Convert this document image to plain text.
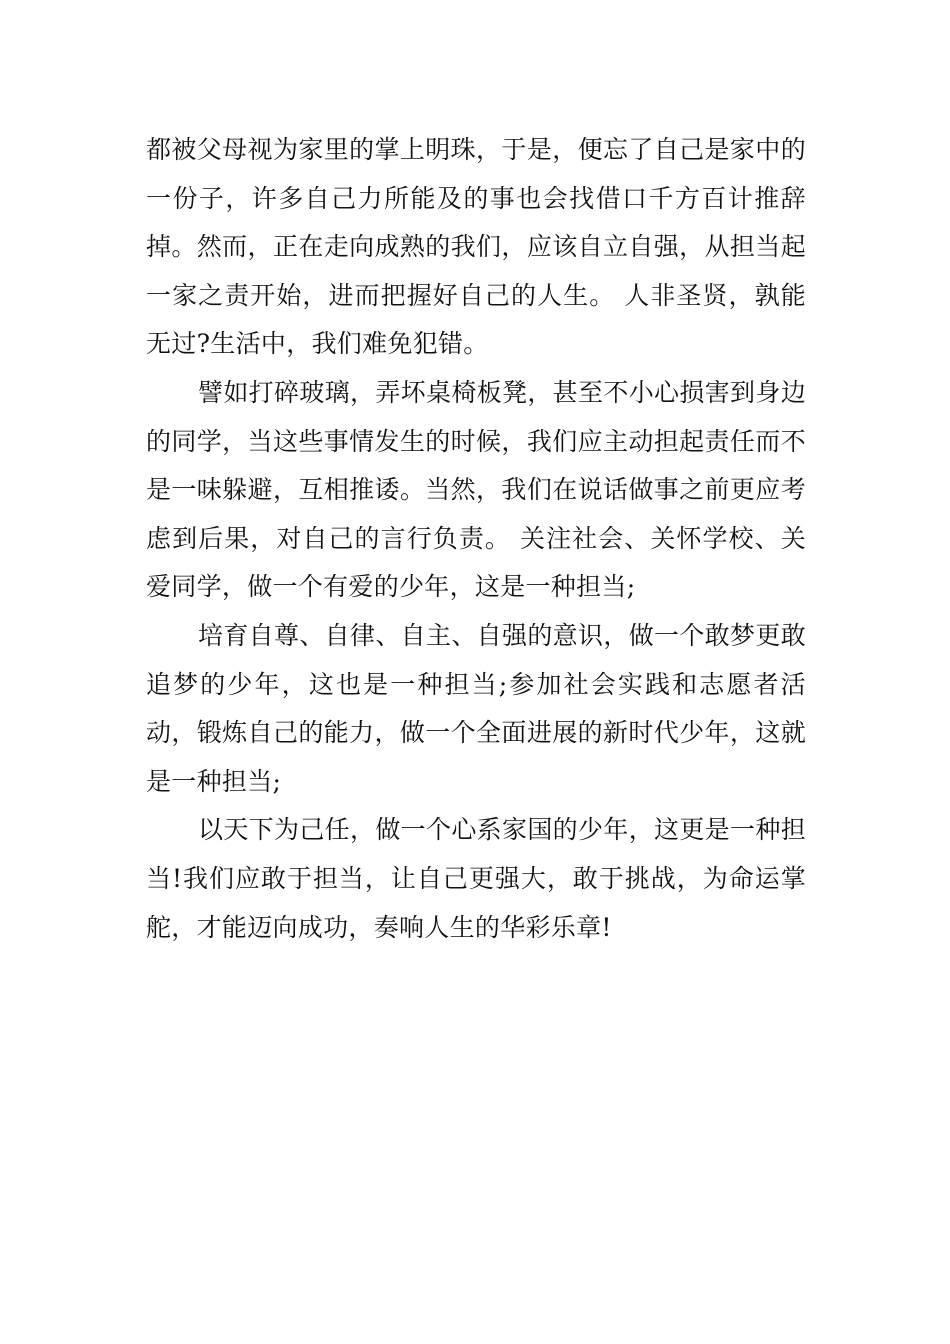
都被父母视为家里的掌上明珠，于是，便忘了自己是家中的一份子，许多自己力所能及的事也会找借口千方百计推辞掉。然而，正在走向成熟的我们，应该自立自强，从担当起一家之责开始，进而把握好自己的人生。 人非圣贤，孰能无过?生活中，我们难免犯错。

譬如打碎玻璃，弄坏桌椅板凳，甚至不小心损害到身边的同学，当这些事情发生的时候，我们应主动担起责任而不是一味躲避，互相推诿。当然，我们在说话做事之前更应考虑到后果，对自己的言行负责。 关注社会、关怀学校、关爱同学，做一个有爱的少年，这是一种担当;

培育自尊、自律、自主、自强的意识，做一个敢梦更敢追梦的少年，这也是一种担当;参加社会实践和志愿者活动，锻炼自己的能力，做一个全面进展的新时代少年，这就是一种担当;

以天下为己任，做一个心系家国的少年，这更是一种担当!我们应敢于担当，让自己更强大，敢于挑战，为命运掌舵，才能迈向成功，奏响人生的华彩乐章!
